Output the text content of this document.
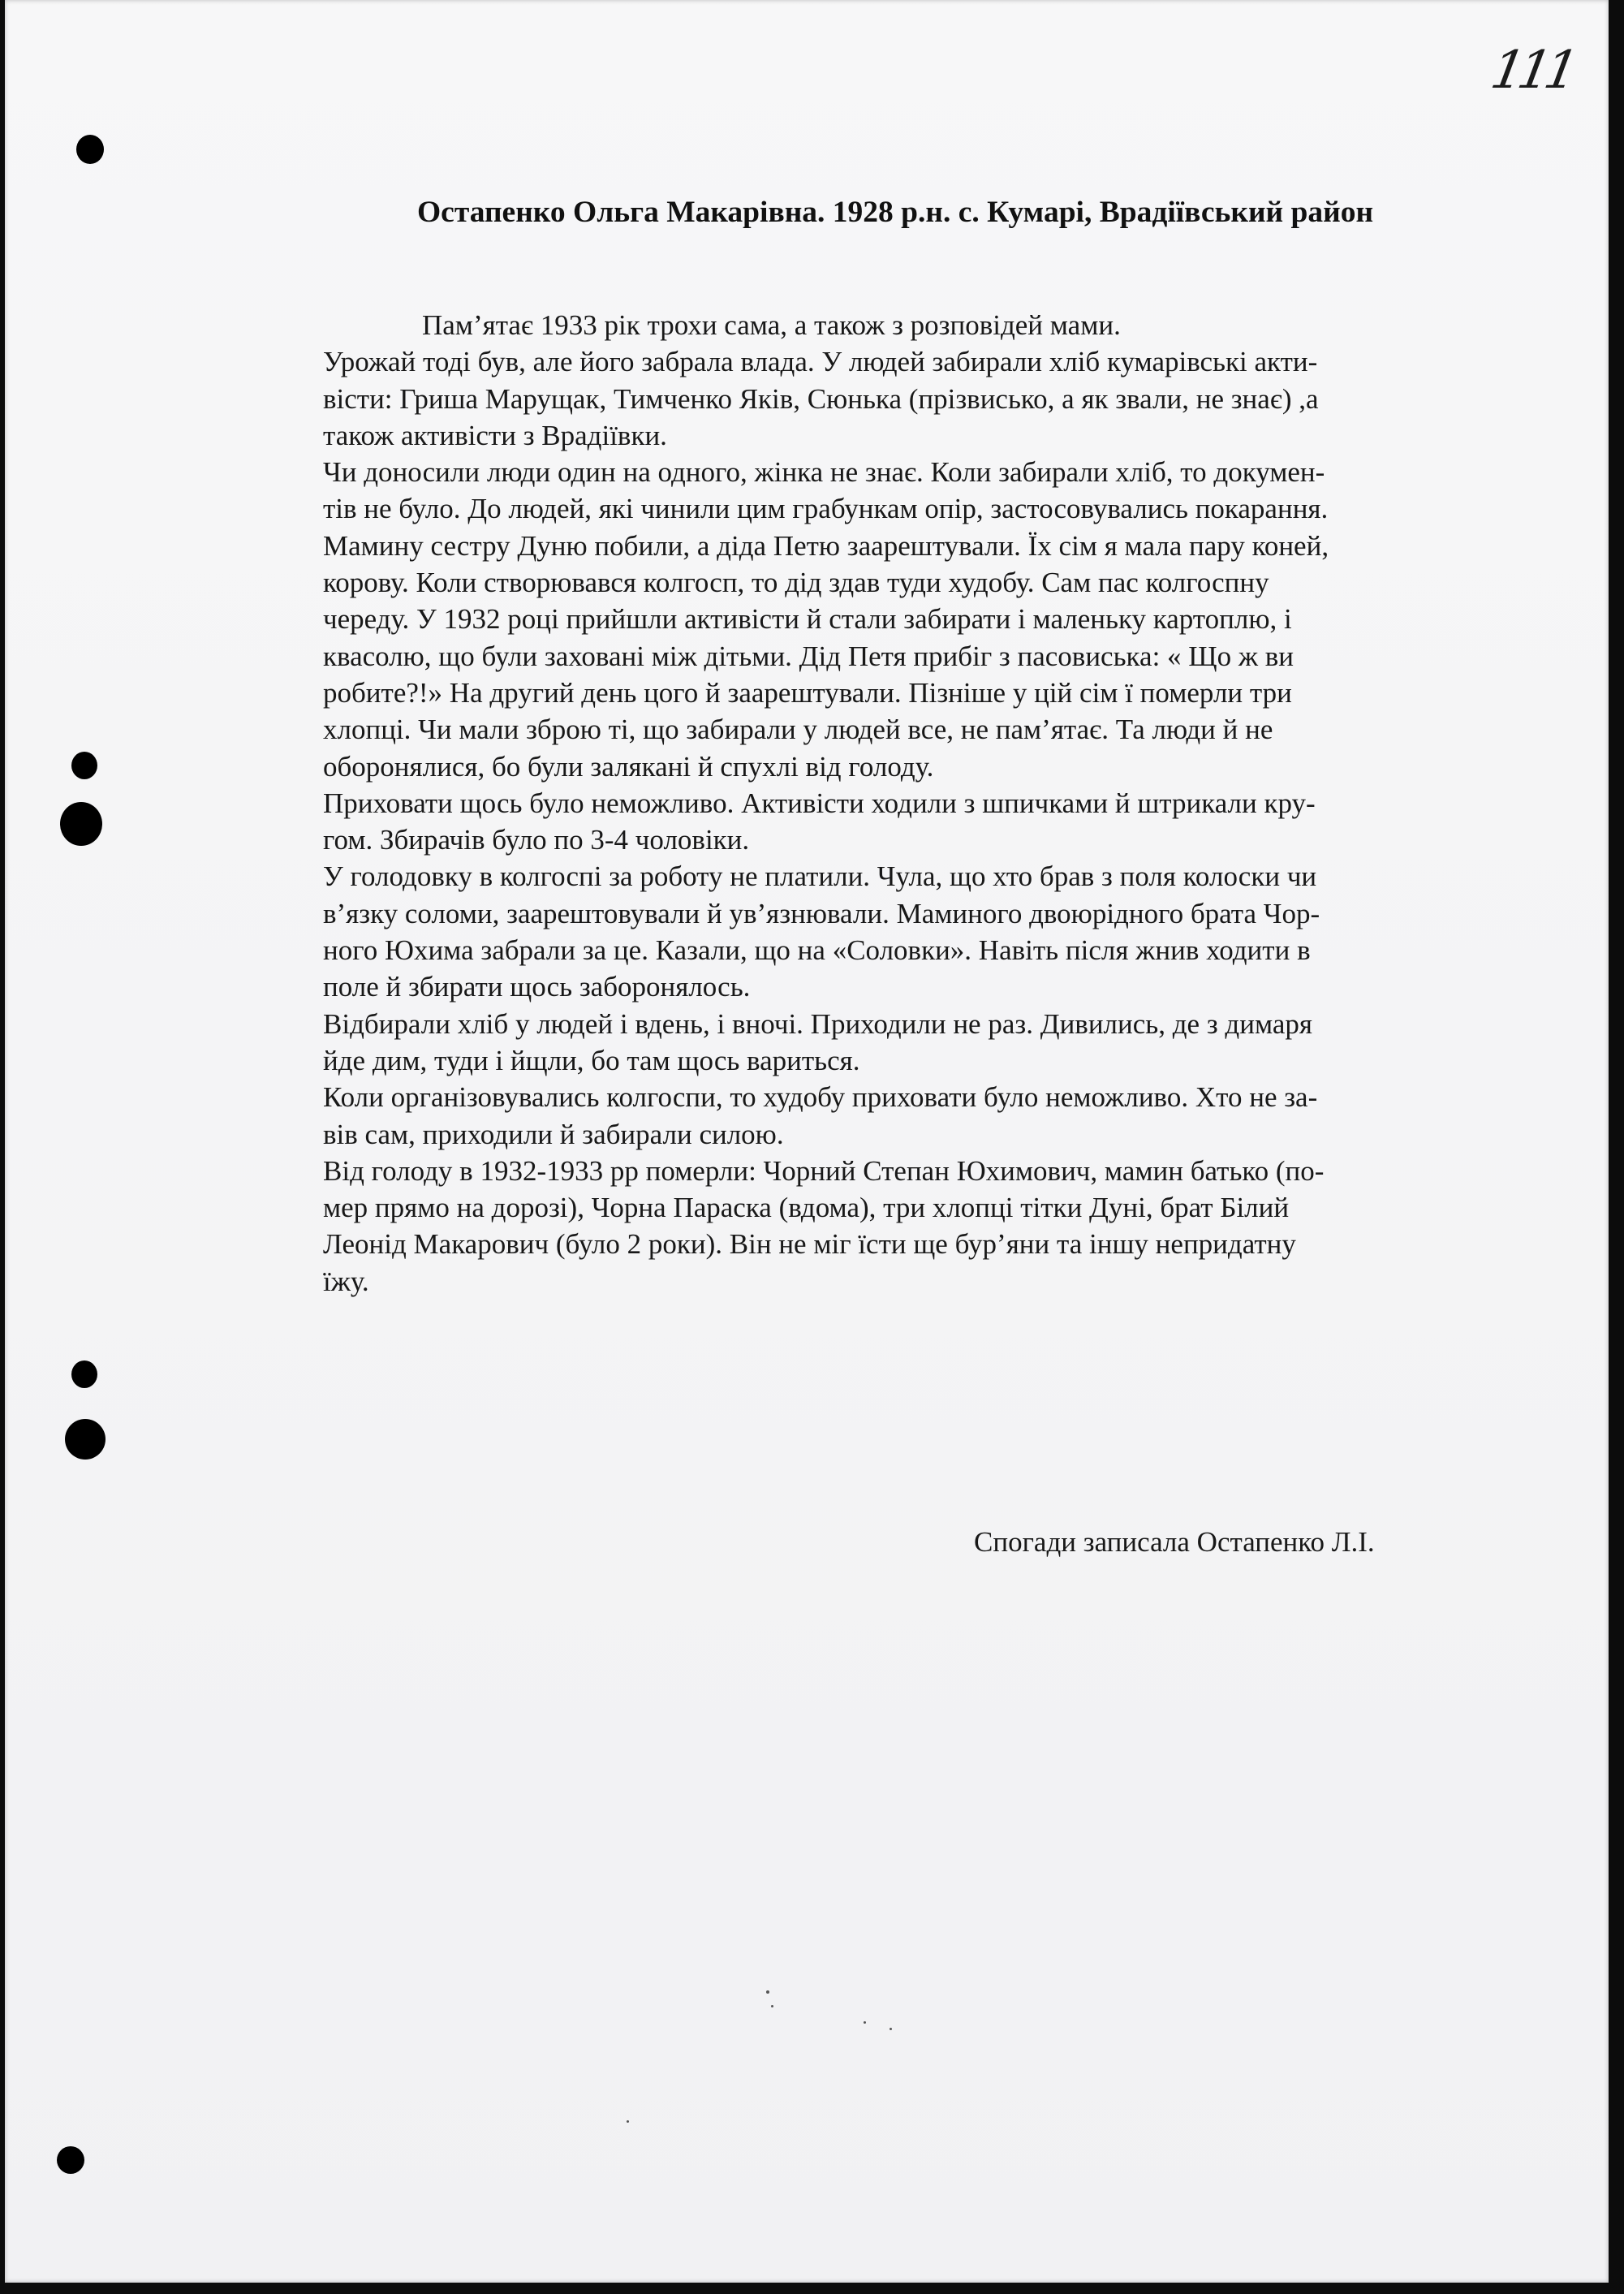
111
Остапенко Ольга Макарівна. 1928 р.н. с. Кумарі, Врадіївський район
Пам’ятає 1933 рік трохи сама, а також з розповідей мами.
Урожай тоді був, але його забрала влада. У людей забирали хліб кумарівські акти-
вісти: Гриша Марущак, Тимченко Яків, Сюнька (прізвисько, а як звали, не знає) ,а
також активісти з Врадіївки.
Чи доносили люди один на одного, жінка не знає. Коли забирали хліб, то докумен-
тів не було. До людей, які чинили цим грабункам опір, застосовувались покарання.
Мамину сестру Дуню побили, а діда Петю заарештували. Їх сім я мала пару коней,
корову. Коли створювався колгосп, то дід здав туди худобу. Сам пас колгоспну
череду. У 1932 році прийшли активісти й стали забирати і маленьку картоплю, і
квасолю, що були заховані між дітьми. Дід Петя прибіг з пасовиська: « Що ж ви
робите?!» На другий день цого й заарештували. Пізніше у цій сім ї померли три
хлопці. Чи мали зброю ті, що забирали у людей все, не пам’ятає. Та люди й не
оборонялися, бо були залякані й спухлі від голоду.
Приховати щось було неможливо. Активісти ходили з шпичками й штрикали кру-
гом. Збирачів було по 3-4 чоловіки.
У голодовку в колгоспі за роботу не платили. Чула, що хто брав з поля колоски чи
в’язку соломи, заарештовували й ув’язнювали. Маминого двоюрідного брата Чор-
ного Юхима забрали за це. Казали, що на «Соловки». Навіть після жнив ходити в
поле й збирати щось заборонялось.
Відбирали хліб у людей і вдень, і вночі. Приходили не раз. Дивились, де з димаря
йде дим, туди і йщли, бо там щось вариться.
Коли організовувались колгоспи, то худобу приховати було неможливо. Хто не за-
вів сам, приходили й забирали силою.
Від голоду в 1932-1933 рр померли: Чорний Степан Юхимович, мамин батько (по-
мер прямо на дорозі), Чорна Параска (вдома), три хлопці тітки Дуні, брат Білий
Леонід Макарович (було 2 роки). Він не міг їсти ще бур’яни та іншу непридатну
їжу.
Спогади записала Остапенко Л.І.
